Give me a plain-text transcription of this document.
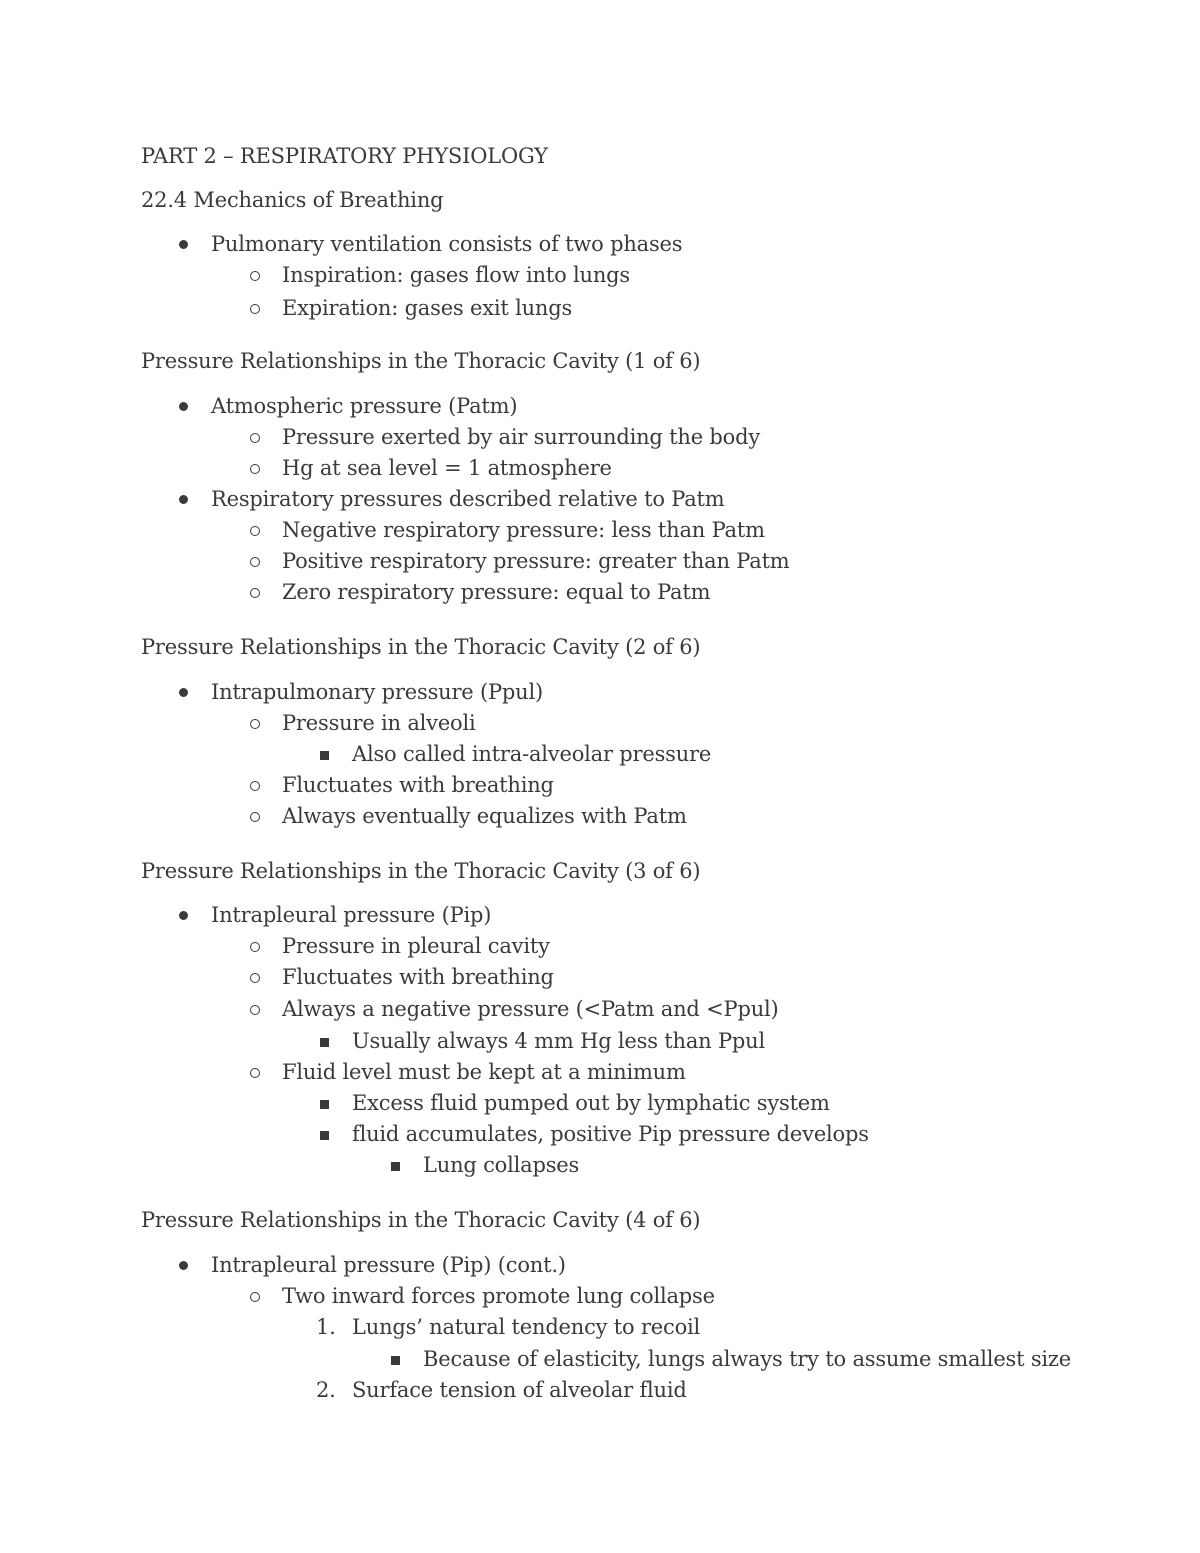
PART 2 – RESPIRATORY PHYSIOLOGY
22.4 Mechanics of Breathing
Pulmonary ventilation consists of two phases
Inspiration: gases flow into lungs
Expiration: gases exit lungs
Pressure Relationships in the Thoracic Cavity (1 of 6)
Atmospheric pressure (Patm)
Pressure exerted by air surrounding the body
Hg at sea level = 1 atmosphere
Respiratory pressures described relative to Patm
Negative respiratory pressure: less than Patm
Positive respiratory pressure: greater than Patm
Zero respiratory pressure: equal to Patm
Pressure Relationships in the Thoracic Cavity (2 of 6)
Intrapulmonary pressure (Ppul)
Pressure in alveoli
Also called intra-alveolar pressure
Fluctuates with breathing
Always eventually equalizes with Patm
Pressure Relationships in the Thoracic Cavity (3 of 6)
Intrapleural pressure (Pip)
Pressure in pleural cavity
Fluctuates with breathing
Always a negative pressure (<Patm and <Ppul)
Usually always 4 mm Hg less than Ppul
Fluid level must be kept at a minimum
Excess fluid pumped out by lymphatic system
fluid accumulates, positive Pip pressure develops
Lung collapses
Pressure Relationships in the Thoracic Cavity (4 of 6)
Intrapleural pressure (Pip) (cont.)
Two inward forces promote lung collapse
1. Lungs’ natural tendency to recoil
Because of elasticity, lungs always try to assume smallest size
2. Surface tension of alveolar fluid
